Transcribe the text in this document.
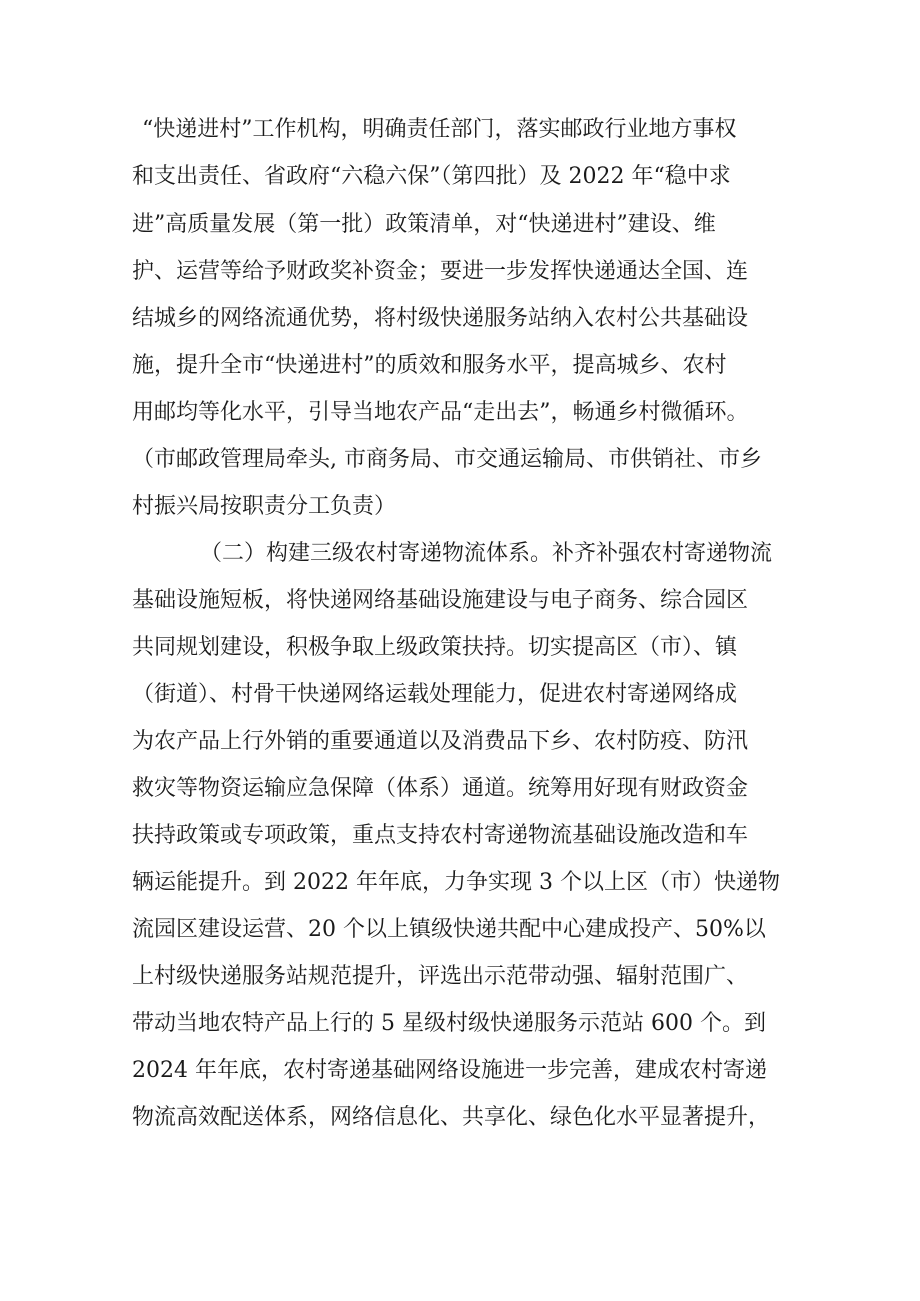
“快递进村”工作机构，明确责任部门，落实邮政行业地方事权
和支出责任、省政府“六稳六保”（第四批）及 2022 年“稳中求
进”高质量发展（第一批）政策清单，对“快递进村”建设、维
护、运营等给予财政奖补资金；要进一步发挥快递通达全国、连
结城乡的网络流通优势，将村级快递服务站纳入农村公共基础设
施，提升全市“快递进村”的质效和服务水平，提高城乡、农村
用邮均等化水平，引导当地农产品“走出去”，畅通乡村微循环。
（市邮政管理局牵头, 市商务局、市交通运输局、市供销社、市乡
村振兴局按职责分工负责）
（二）构建三级农村寄递物流体系。补齐补强农村寄递物流
基础设施短板，将快递网络基础设施建设与电子商务、综合园区
共同规划建设，积极争取上级政策扶持。切实提高区（市）、镇
（街道）、村骨干快递网络运载处理能力，促进农村寄递网络成
为农产品上行外销的重要通道以及消费品下乡、农村防疫、防汛
救灾等物资运输应急保障（体系）通道。统筹用好现有财政资金
扶持政策或专项政策，重点支持农村寄递物流基础设施改造和车
辆运能提升。到 2022 年年底，力争实现 3 个以上区（市）快递物
流园区建设运营、20 个以上镇级快递共配中心建成投产、50%以
上村级快递服务站规范提升，评选出示范带动强、辐射范围广、
带动当地农特产品上行的 5 星级村级快递服务示范站 600 个。到
2024 年年底，农村寄递基础网络设施进一步完善，建成农村寄递
物流高效配送体系，网络信息化、共享化、绿色化水平显著提升，
